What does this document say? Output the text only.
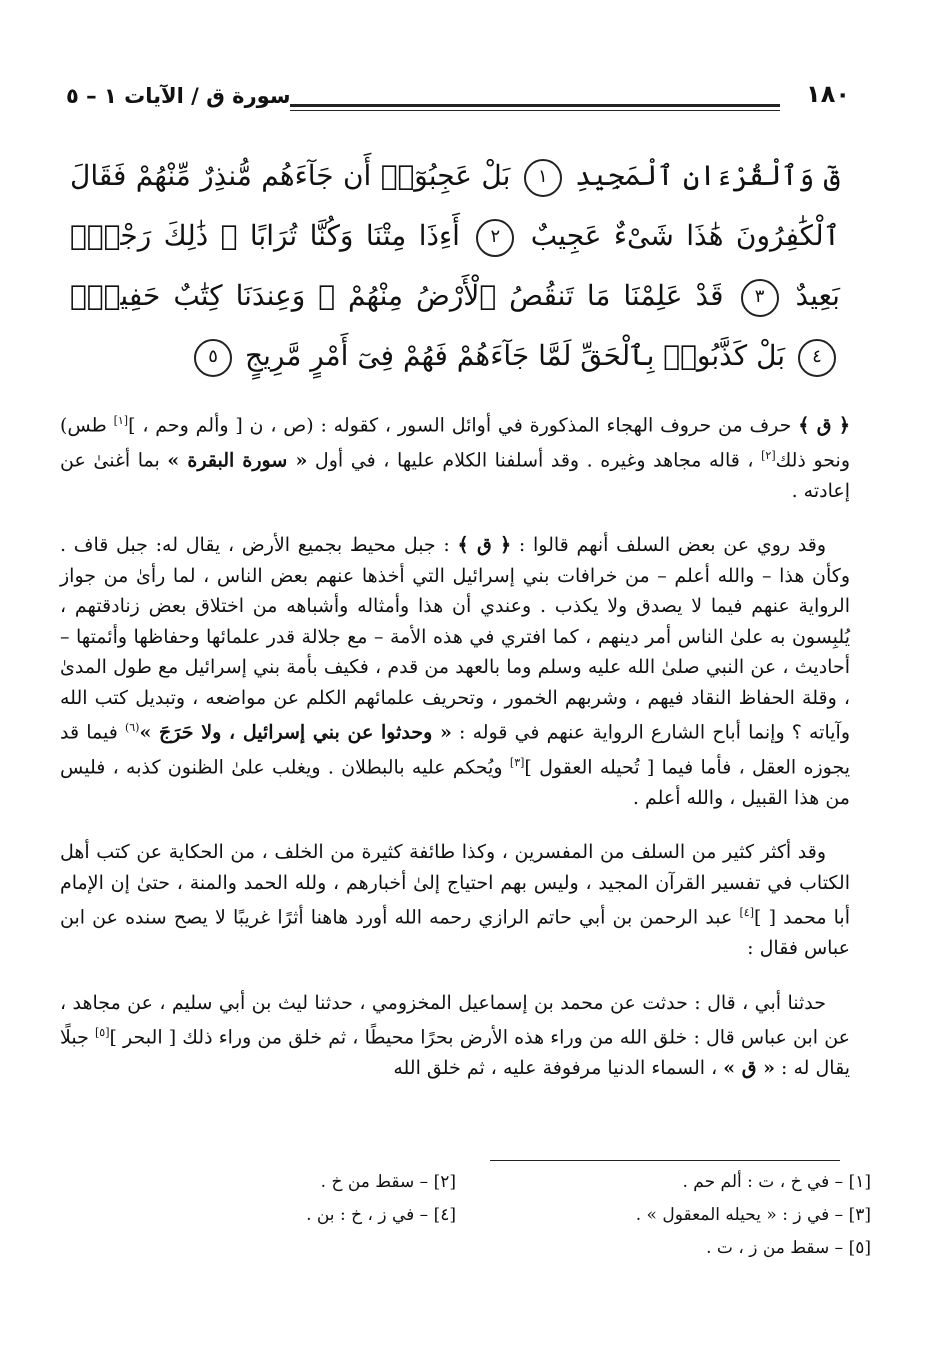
١٨٠
سورة ق / الآيات ١ – ٥
قٓ وَٱلْقُرْءَانِ ٱلْمَجِيدِ ١ بَلْ عَجِبُوٓا۟ أَن جَآءَهُم مُّنذِرٌ مِّنْهُمْ فَقَالَ ٱلْكَٰفِرُونَ هَٰذَا شَىْءٌ عَجِيبٌ ٢ أَءِذَا مِتْنَا وَكُنَّا تُرَابًا ۖ ذَٰلِكَ رَجْعٌۢ بَعِيدٌ ٣ قَدْ عَلِمْنَا مَا تَنقُصُ ٱلْأَرْضُ مِنْهُمْ ۖ وَعِندَنَا كِتَٰبٌ حَفِيظٌۢ ٤ بَلْ كَذَّبُوا۟ بِٱلْحَقِّ لَمَّا جَآءَهُمْ فَهُمْ فِىٓ أَمْرٍ مَّرِيجٍ ٥

﴿ ق ﴾ حرف من حروف الهجاء المذكورة في أوائل السور ، كقوله : (ص ، ن [ وألم وحم ، ][١] طس) ونحو ذلك[٢] ، قاله مجاهد وغيره . وقد أسلفنا الكلام عليها ، في أول « سورة البقرة » بما أغنىٰ عن إعادته .

وقد روي عن بعض السلف أنهم قالوا : ﴿ ق ﴾ : جبل محيط بجميع الأرض ، يقال له: جبل قاف . وكأن هذا – والله أعلم – من خرافات بني إسرائيل التي أخذها عنهم بعض الناس ، لما رأىٰ من جواز الرواية عنهم فيما لا يصدق ولا يكذب . وعندي أن هذا وأمثاله وأشباهه من اختلاق بعض زنادقتهم ، يُلبِسون به علىٰ الناس أمر دينهم ، كما افتري في هذه الأمة – مع جلالة قدر علمائها وحفاظها وأئمتها – أحاديث ، عن النبي صلىٰ الله عليه وسلم وما بالعهد من قدم ، فكيف بأمة بني إسرائيل مع طول المدىٰ ، وقلة الحفاظ النقاد فيهم ، وشربهم الخمور ، وتحريف علمائهم الكلم عن مواضعه ، وتبديل كتب الله وآياته ؟ وإنما أباح الشارع الرواية عنهم في قوله : « وحدثوا عن بني إسرائيل ، ولا حَرَجَ »$^{(٦)}$ فيما قد يجوزه العقل ، فأما فيما [ تُحيله العقول ][٣] ويُحكم عليه بالبطلان . ويغلب علىٰ الظنون كذبه ، فليس من هذا القبيل ، والله أعلم .

وقد أكثر كثير من السلف من المفسرين ، وكذا طائفة كثيرة من الخلف ، من الحكاية عن كتب أهل الكتاب في تفسير القرآن المجيد ، وليس بهم احتياج إلىٰ أخبارهم ، ولله الحمد والمنة ، حتىٰ إن الإمام أبا محمد [ ][٤] عبد الرحمن بن أبي حاتم الرازي رحمه الله أورد هاهنا أثرًا غريبًا لا يصح سنده عن ابن عباس فقال :

حدثنا أبي ، قال : حدثت عن محمد بن إسماعيل المخزومي ، حدثنا ليث بن أبي سليم ، عن مجاهد ، عن ابن عباس قال : خلق الله من وراء هذه الأرض بحرًا محيطًا ، ثم خلق من وراء ذلك [ البحر ][٥] جبلًا يقال له : « ق » ، السماء الدنيا مرفوفة عليه ، ثم خلق الله

[١] – في خ ، ت : ألم حم .
[٢] – سقط من خ .
[٣] – في ز : « يحيله المعقول » .
[٤] – في ز ، خ : بن .
[٥] – سقط من ز ، ت .
